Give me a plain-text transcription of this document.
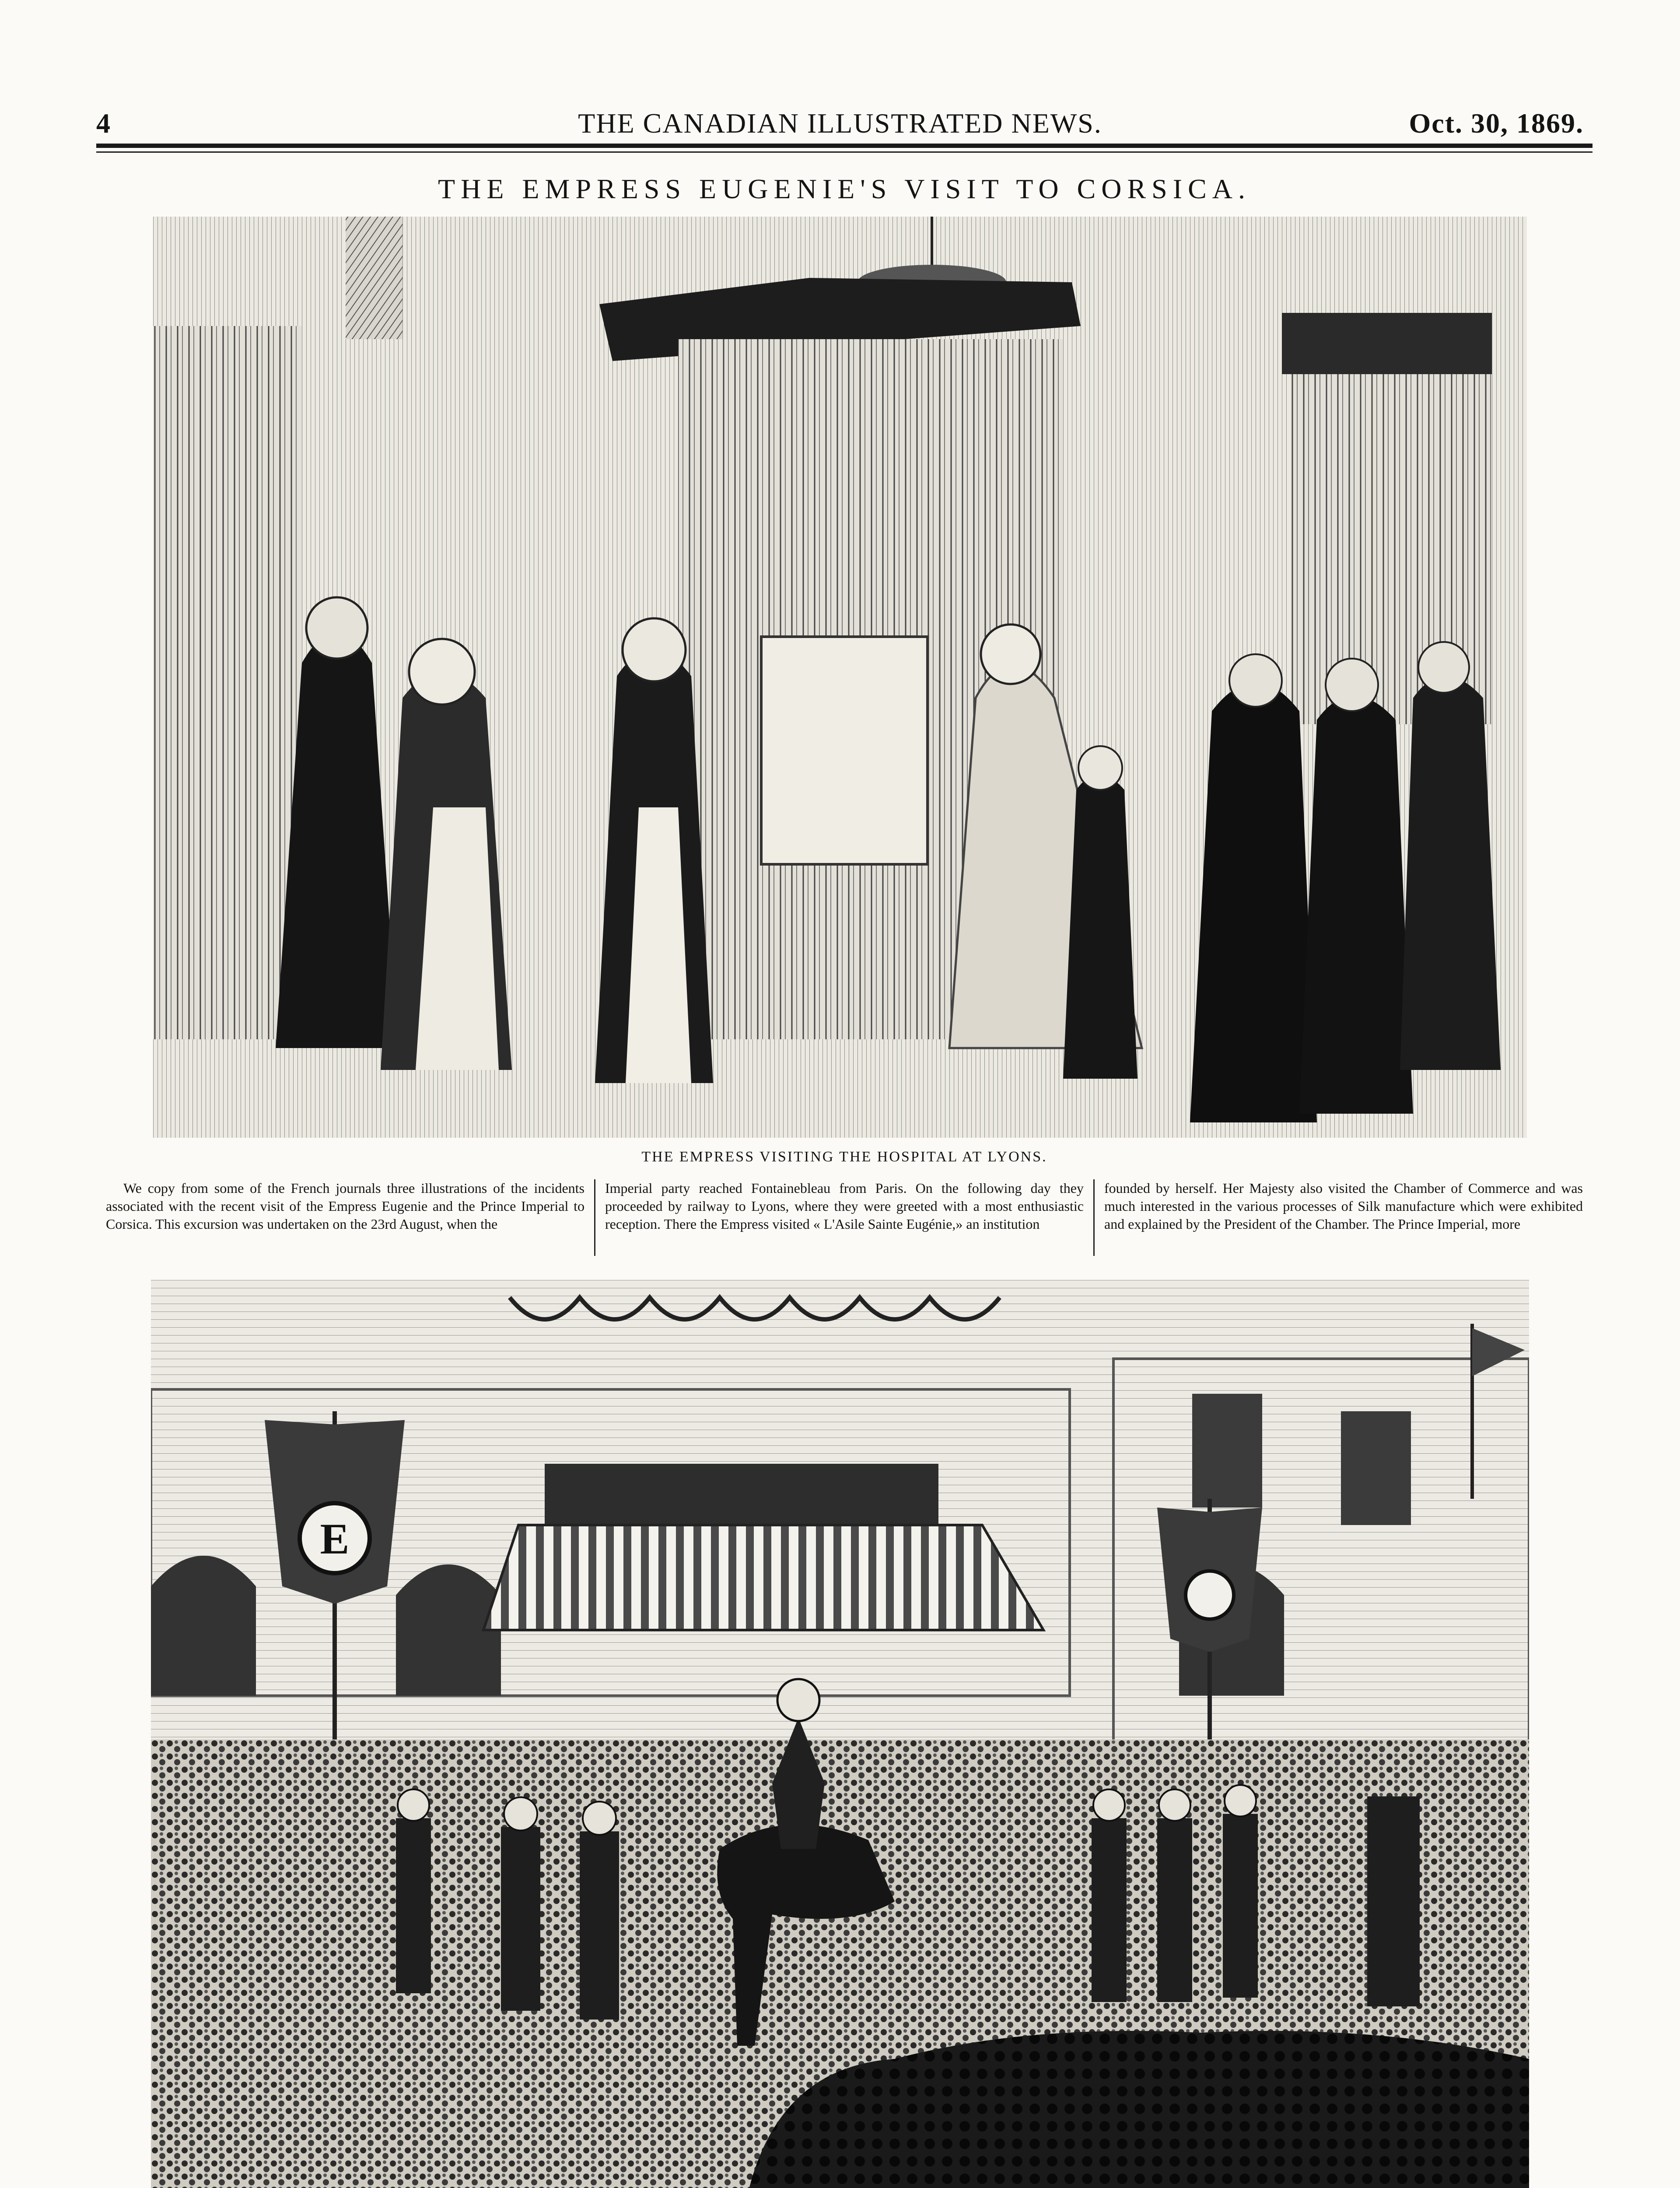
4	THE CANADIAN ILLUSTRATED NEWS.	Oct. 30, 1869.
THE EMPRESS EUGENIE'S VISIT TO CORSICA.
THE EMPRESS VISITING THE HOSPITAL AT LYONS.

We copy from some of the French journals three illustrations of the incidents associated with the recent visit of the Empress Eugenie and the Prince Imperial to Corsica. This excursion was undertaken on the 23rd August, when the

Imperial party reached Fontainebleau from Paris. On the following day they proceeded by railway to Lyons, where they were greeted with a most enthusiastic reception. There the Empress visited « L'Asile Sainte Eugénie,» an institution

founded by herself. Her Majesty also visited the Chamber of Commerce and was much interested in the various processes of Silk manufacture which were exhibited and explained by the President of the Chamber. The Prince Imperial, more

E
